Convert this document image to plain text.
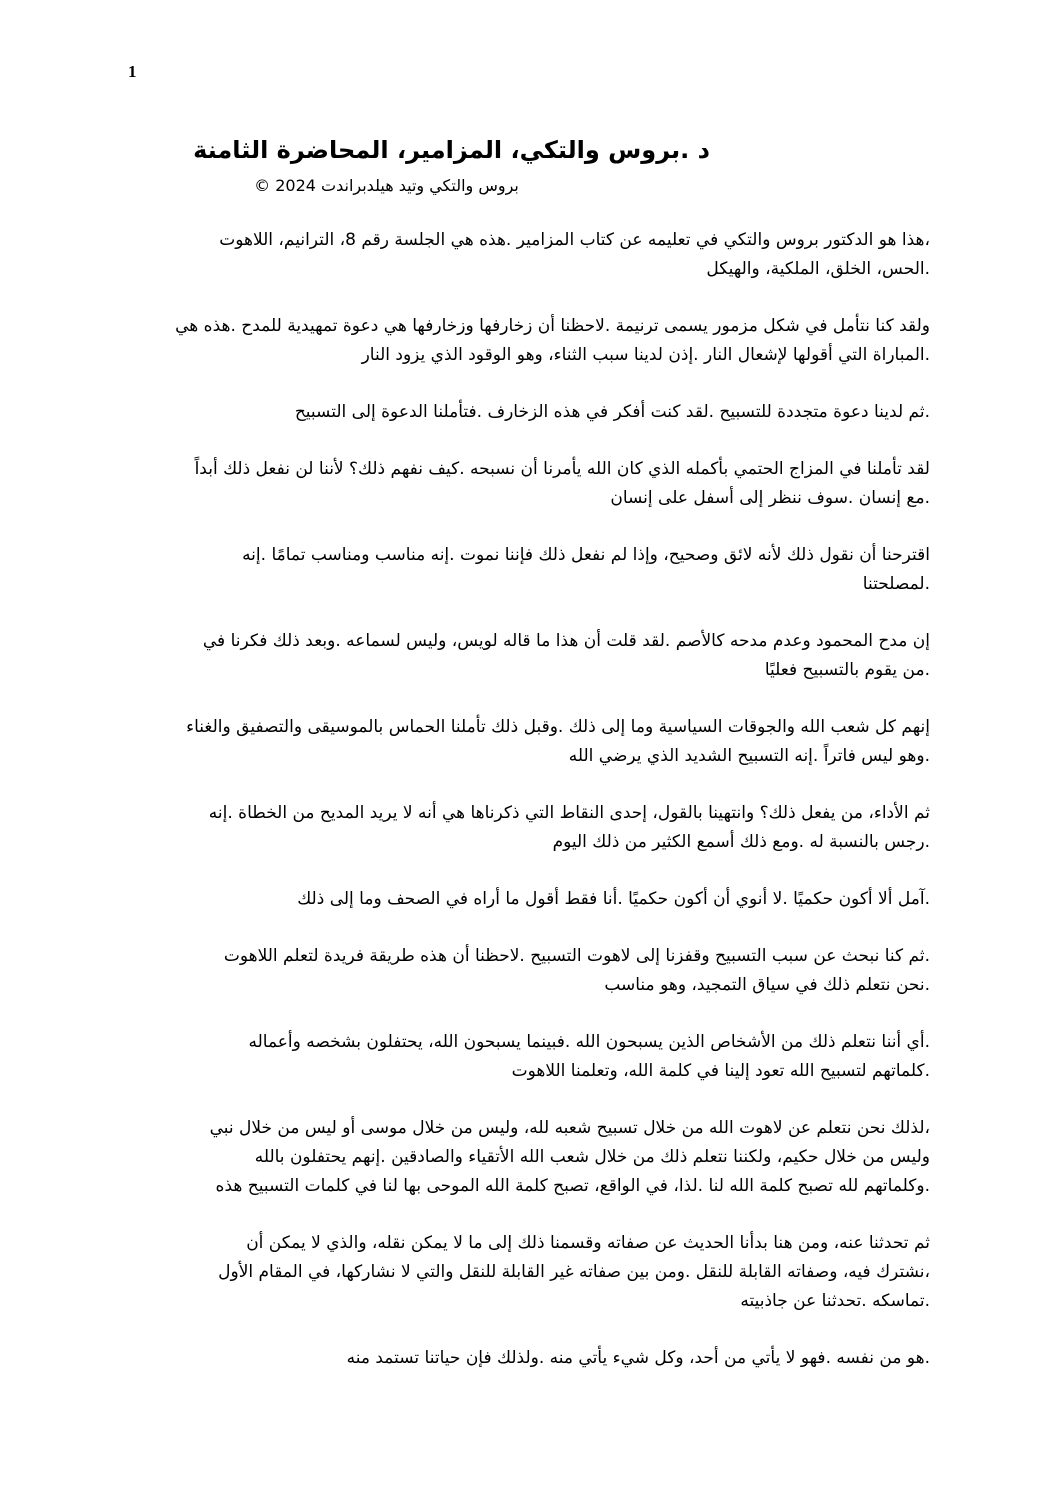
1
د .بروس والتكي، المزامير، المحاضرة الثامنة
بروس والتكي وتيد هيلدبراندت 2024 ©

،هذا هو الدكتور بروس والتكي في تعليمه عن كتاب المزامير .هذه هي الجلسة رقم 8، الترانيم، اللاهوت
.الحس، الخلق، الملكية، والهيكل

ولقد كنا نتأمل في شكل مزمور يسمى ترنيمة .لاحظنا أن زخارفها وزخارفها هي دعوة تمهيدية للمدح .هذه هي
.المباراة التي أقولها لإشعال النار .إذن لدينا سبب الثناء، وهو الوقود الذي يزود النار

.ثم لدينا دعوة متجددة للتسبيح .لقد كنت أفكر في هذه الزخارف .فتأملنا الدعوة إلى التسبيح

لقد تأملنا في المزاج الحتمي بأكمله الذي كان الله يأمرنا أن نسبحه .كيف نفهم ذلك؟ لأننا لن نفعل ذلك أبداً
.مع إنسان .سوف ننظر إلى أسفل على إنسان

اقترحنا أن نقول ذلك لأنه لائق وصحيح، وإذا لم نفعل ذلك فإننا نموت .إنه مناسب ومناسب تمامًا .إنه
.لمصلحتنا

إن مدح المحمود وعدم مدحه كالأصم .لقد قلت أن هذا ما قاله لويس، وليس لسماعه .وبعد ذلك فكرنا في
.من يقوم بالتسبيح فعليًا

إنهم كل شعب الله والجوقات السياسية وما إلى ذلك .وقبل ذلك تأملنا الحماس بالموسيقى والتصفيق والغناء
.وهو ليس فاتراً .إنه التسبيح الشديد الذي يرضي الله

ثم الأداء، من يفعل ذلك؟ وانتهينا بالقول، إحدى النقاط التي ذكرناها هي أنه لا يريد المديح من الخطاة .إنه
.رجس بالنسبة له .ومع ذلك أسمع الكثير من ذلك اليوم

.آمل ألا أكون حكميًا .لا أنوي أن أكون حكميًا .أنا فقط أقول ما أراه في الصحف وما إلى ذلك

.ثم كنا نبحث عن سبب التسبيح وقفزنا إلى لاهوت التسبيح .لاحظنا أن هذه طريقة فريدة لتعلم اللاهوت
.نحن نتعلم ذلك في سياق التمجيد، وهو مناسب

.أي أننا نتعلم ذلك من الأشخاص الذين يسبحون الله .فبينما يسبحون الله، يحتفلون بشخصه وأعماله
.كلماتهم لتسبيح الله تعود إلينا في كلمة الله، وتعلمنا اللاهوت

،لذلك نحن نتعلم عن لاهوت الله من خلال تسبيح شعبه لله، وليس من خلال موسى أو ليس من خلال نبي
وليس من خلال حكيم، ولكننا نتعلم ذلك من خلال شعب الله الأتقياء والصادقين .إنهم يحتفلون بالله
.وكلماتهم لله تصبح كلمة الله لنا .لذا، في الواقع، تصبح كلمة الله الموحى بها لنا في كلمات التسبيح هذه

ثم تحدثنا عنه، ومن هنا بدأنا الحديث عن صفاته وقسمنا ذلك إلى ما لا يمكن نقله، والذي لا يمكن أن
،نشترك فيه، وصفاته القابلة للنقل .ومن بين صفاته غير القابلة للنقل والتي لا نشاركها، في المقام الأول
.تماسكه .تحدثنا عن جاذبيته

.هو من نفسه .فهو لا يأتي من أحد، وكل شيء يأتي منه .ولذلك فإن حياتنا تستمد منه
